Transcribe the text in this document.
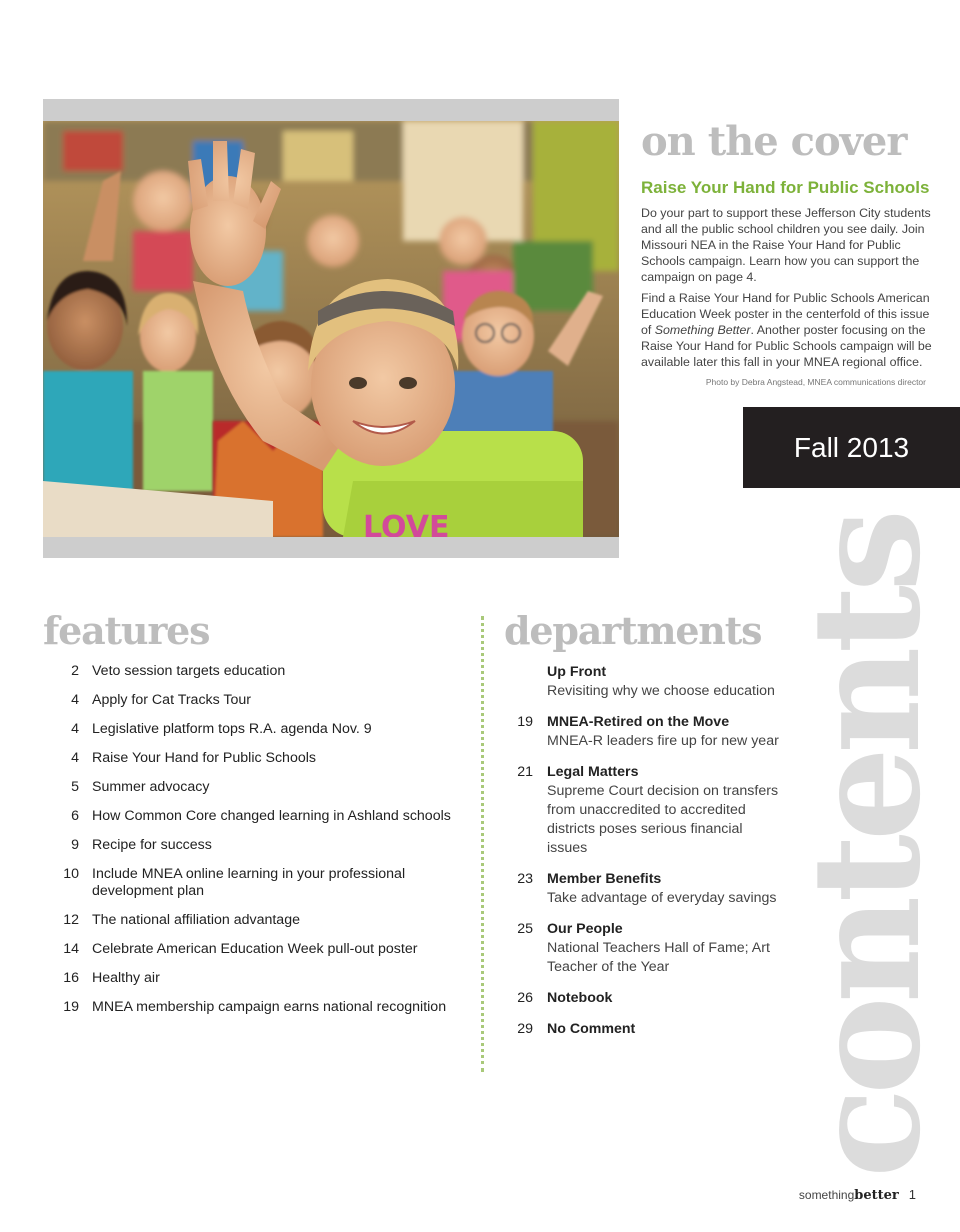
LOVE
on the cover
Raise Your Hand for Public Schools

Do your part to support these Jefferson City students and all the public school children you see daily. Join Missouri NEA in the Raise Your Hand for Public Schools campaign. Learn how you can support the campaign on page 4.

Find a Raise Your Hand for Public Schools American Education Week poster in the centerfold of this issue of Something Better. Another poster focusing on the Raise Your Hand for Public Schools campaign will be available later this fall in your MNEA regional office.

Photo by Debra Angstead, MNEA communications director
Fall 2013
contents
features
2 Veto session targets education
4 Apply for Cat Tracks Tour
4 Legislative platform tops R.A. agenda Nov. 9
4 Raise Your Hand for Public Schools
5 Summer advocacy
6 How Common Core changed learning in Ashland schools
9 Recipe for success
10 Include MNEA online learning in your professional development plan
12 The national affiliation advantage
14 Celebrate American Education Week pull-out poster
16 Healthy air
19 MNEA membership campaign earns national recognition
departments
Up Front
Revisiting why we choose education
19 MNEA-Retired on the Move
MNEA-R leaders fire up for new year
21 Legal Matters
Supreme Court decision on transfers from unaccredited to accredited districts poses serious financial issues
23 Member Benefits
Take advantage of everyday savings
25 Our People
National Teachers Hall of Fame; Art Teacher of the Year
26 Notebook
29 No Comment
somethingbetter 1
